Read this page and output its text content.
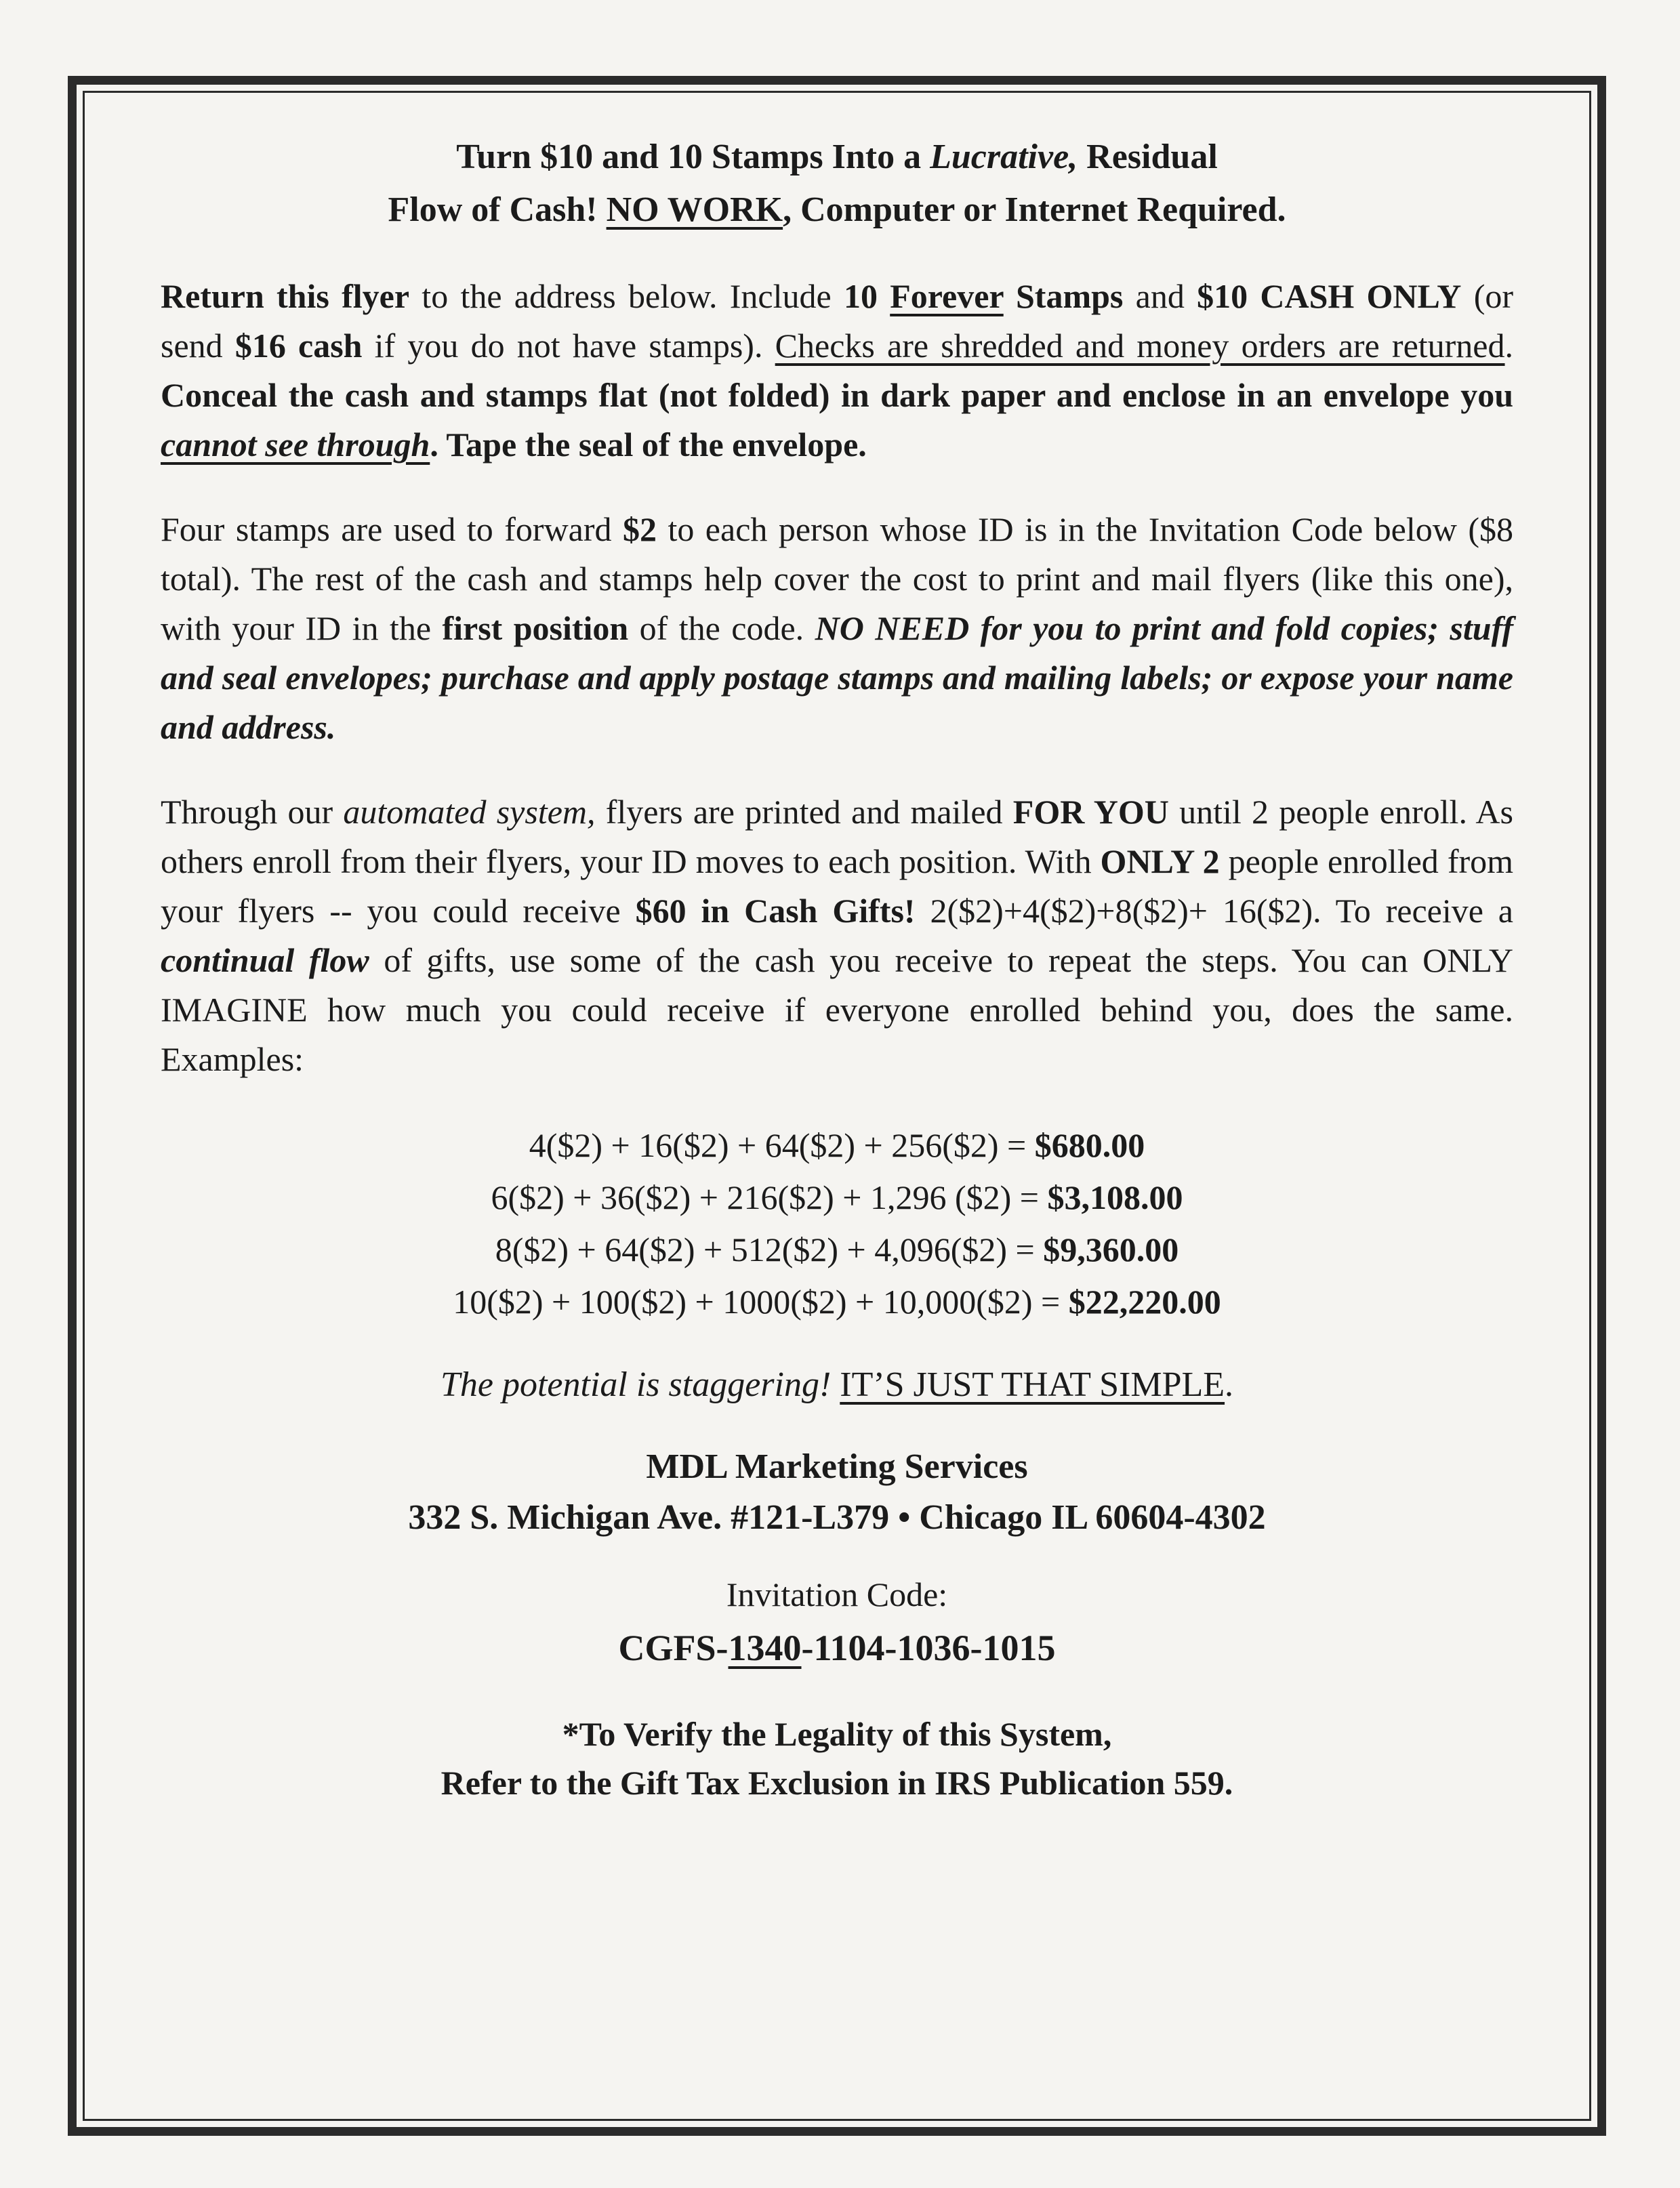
Turn $10 and 10 Stamps Into a Lucrative, Residual
Flow of Cash! NO WORK, Computer or Internet Required.

Return this flyer to the address below. Include 10 Forever Stamps and $10 CASH ONLY (or send $16 cash if you do not have stamps). Checks are shredded and money orders are returned. Conceal the cash and stamps flat (not folded) in dark paper and enclose in an envelope you cannot see through. Tape the seal of the envelope.

Four stamps are used to forward $2 to each person whose ID is in the Invitation Code below ($8 total). The rest of the cash and stamps help cover the cost to print and mail flyers (like this one), with your ID in the first position of the code. NO NEED for you to print and fold copies; stuff and seal envelopes; purchase and apply postage stamps and mailing labels; or expose your name and address.

Through our automated system, flyers are printed and mailed FOR YOU until 2 people enroll. As others enroll from their flyers, your ID moves to each position. With ONLY 2 people enrolled from your flyers -- you could receive $60 in Cash Gifts! 2($2)+4($2)+8($2)+ 16($2). To receive a continual flow of gifts, use some of the cash you receive to repeat the steps. You can ONLY IMAGINE how much you could receive if everyone enrolled behind you, does the same. Examples:

4($2) + 16($2) + 64($2) + 256($2) = $680.00
6($2) + 36($2) + 216($2) + 1,296 ($2) = $3,108.00
8($2) + 64($2) + 512($2) + 4,096($2) = $9,360.00
10($2) + 100($2) + 1000($2) + 10,000($2) = $22,220.00
The potential is staggering! IT’S JUST THAT SIMPLE.

MDL Marketing Services

332 S. Michigan Ave. #121-L379 • Chicago IL 60604-4302

Invitation Code:

CGFS-1340-1104-1036-1015

*To Verify the Legality of this System,
Refer to the Gift Tax Exclusion in IRS Publication 559.
